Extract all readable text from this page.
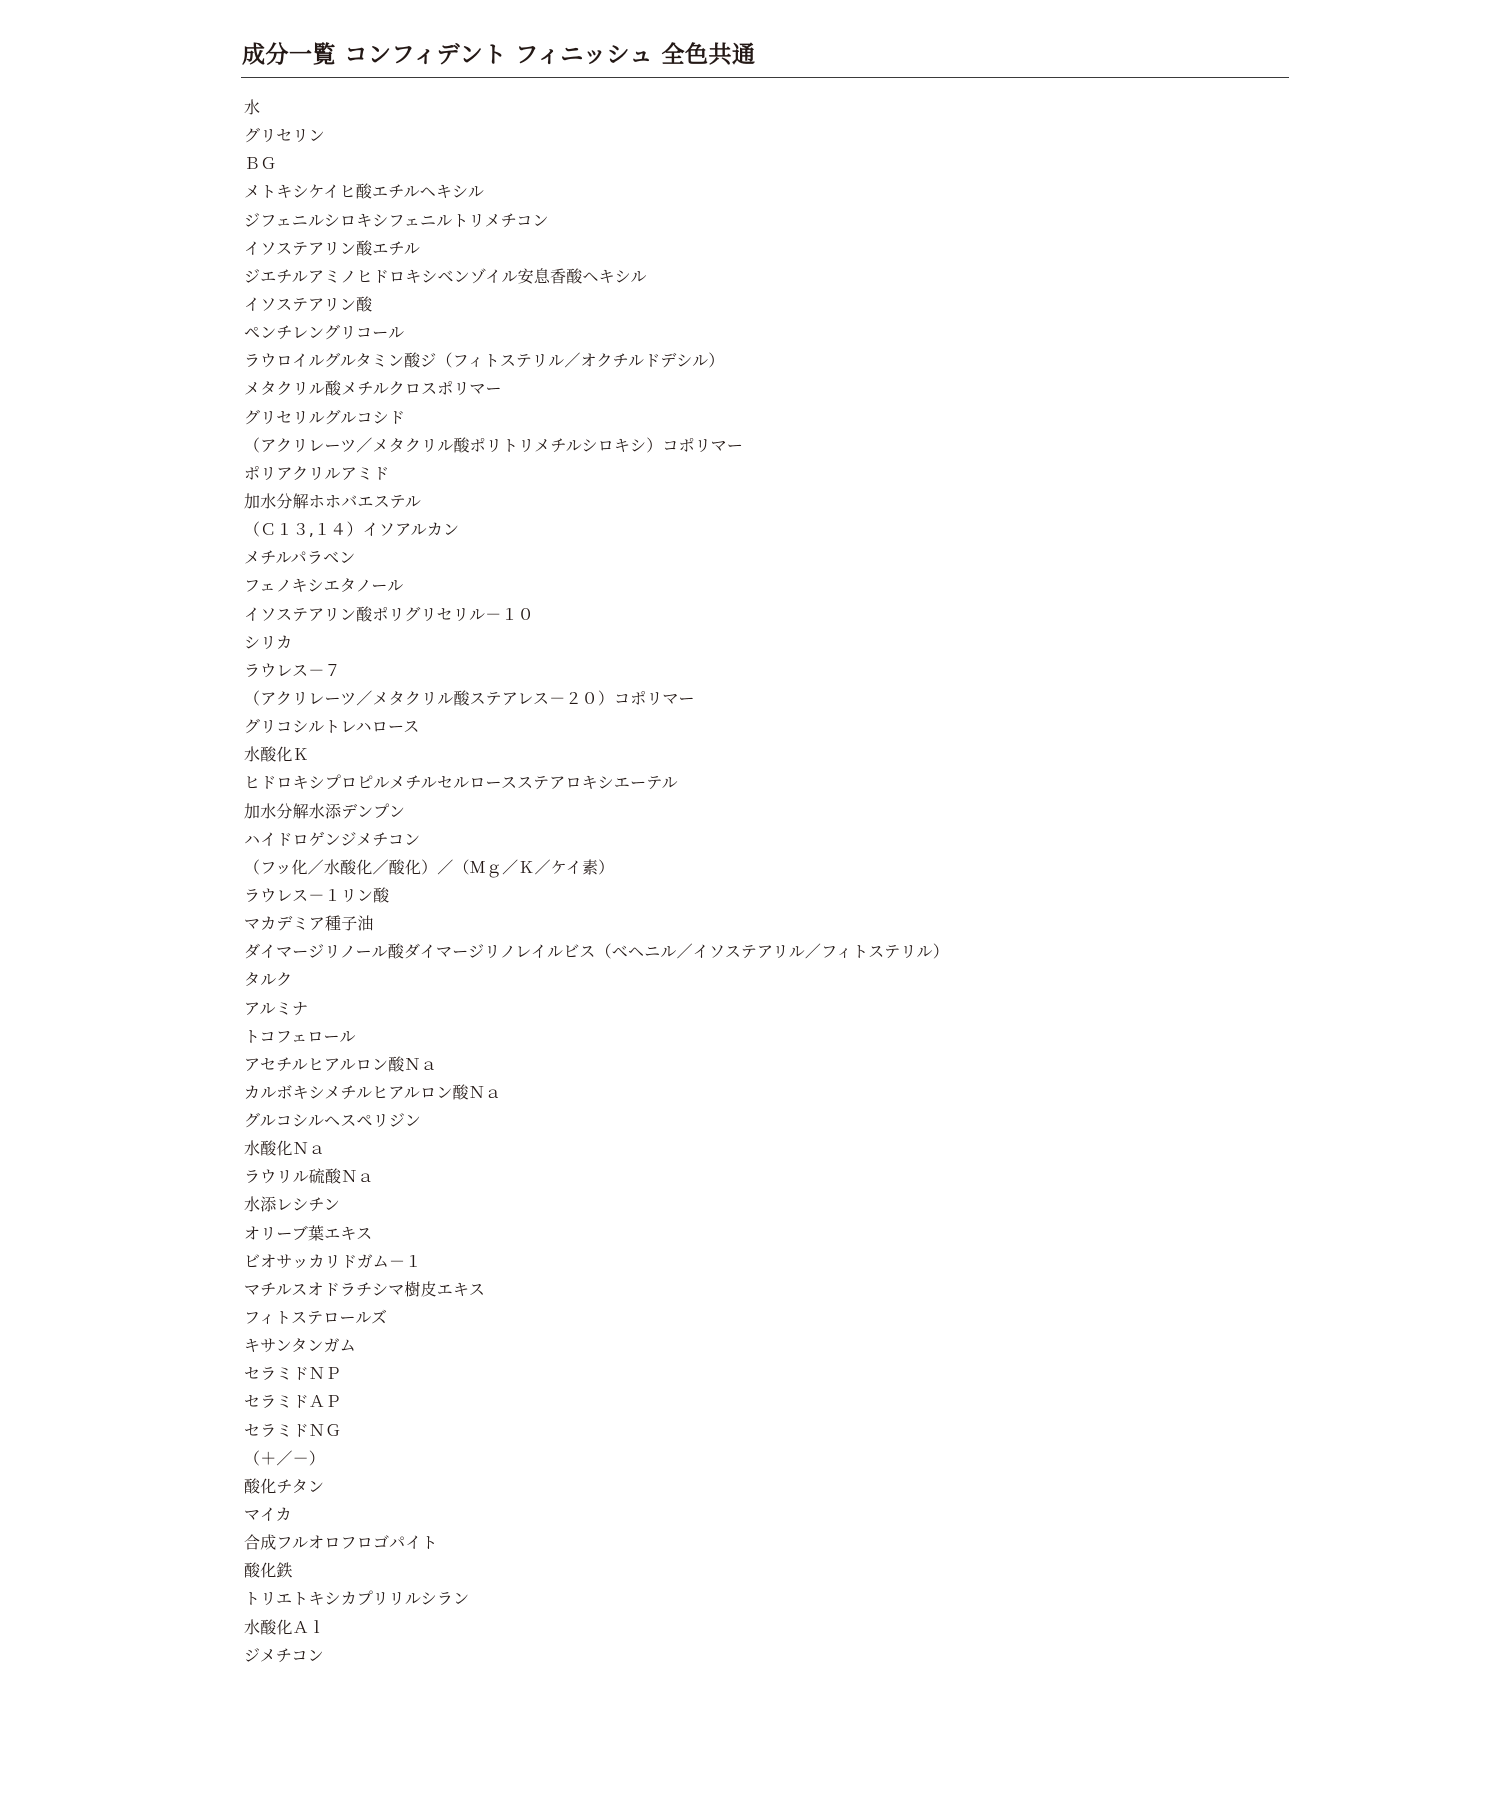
成分一覧 コンフィデント フィニッシュ 全色共通
水
グリセリン
ＢＧ
メトキシケイヒ酸エチルヘキシル
ジフェニルシロキシフェニルトリメチコン
イソステアリン酸エチル
ジエチルアミノヒドロキシベンゾイル安息香酸ヘキシル
イソステアリン酸
ペンチレングリコール
ラウロイルグルタミン酸ジ（フィトステリル／オクチルドデシル）
メタクリル酸メチルクロスポリマー
グリセリルグルコシド
（アクリレーツ／メタクリル酸ポリトリメチルシロキシ）コポリマー
ポリアクリルアミド
加水分解ホホバエステル
（Ｃ１３,１４）イソアルカン
メチルパラベン
フェノキシエタノール
イソステアリン酸ポリグリセリル－１０
シリカ
ラウレス－７
（アクリレーツ／メタクリル酸ステアレス－２０）コポリマー
グリコシルトレハロース
水酸化Ｋ
ヒドロキシプロピルメチルセルロースステアロキシエーテル
加水分解水添デンプン
ハイドロゲンジメチコン
（フッ化／水酸化／酸化）／（Ｍｇ／Ｋ／ケイ素）
ラウレス－１リン酸
マカデミア種子油
ダイマージリノール酸ダイマージリノレイルビス（ベヘニル／イソステアリル／フィトステリル）
タルク
アルミナ
トコフェロール
アセチルヒアルロン酸Ｎａ
カルボキシメチルヒアルロン酸Ｎａ
グルコシルヘスペリジン
水酸化Ｎａ
ラウリル硫酸Ｎａ
水添レシチン
オリーブ葉エキス
ビオサッカリドガム－１
マチルスオドラチシマ樹皮エキス
フィトステロールズ
キサンタンガム
セラミドＮＰ
セラミドＡＰ
セラミドＮＧ
（＋／－）
酸化チタン
マイカ
合成フルオロフロゴパイト
酸化鉄
トリエトキシカプリリルシラン
水酸化Ａｌ
ジメチコン
